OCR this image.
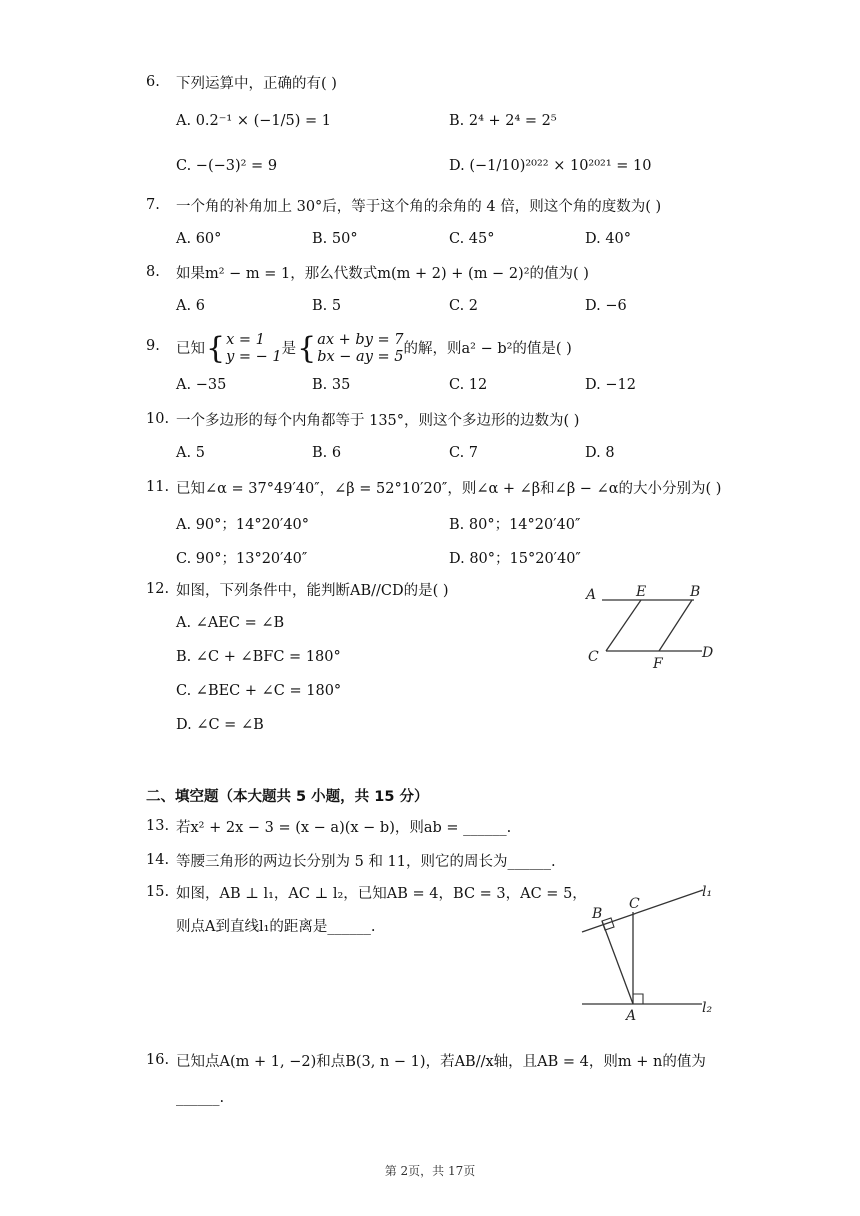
6. 下列运算中，正确的有( )
A. 0.2⁻¹ × (−1/5) = 1	B. 2⁴ + 2⁴ = 2⁵
C. −(−3)² = 9	D. (−1/10)²⁰²² × 10²⁰²¹ = 10
7. 一个角的补角加上 30°后，等于这个角的余角的 4 倍，则这个角的度数为( )
A. 60°	B. 50°	C. 45°	D. 40°
8. 如果m² − m = 1，那么代数式m(m + 2) + (m − 2)²的值为( )
A. 6	B. 5	C. 2	D. −6
9. 已知 { x = 1
y = − 1 是 { ax + by = 7
bx − ay = 5 的解，则a² − b²的值是( )
A. −35	B. 35	C. 12	D. −12
10. 一个多边形的每个内角都等于 135°，则这个多边形的边数为( )
A. 5	B. 6	C. 7	D. 8
11. 已知∠α = 37°49′40″，∠β = 52°10′20″，则∠α + ∠β和∠β − ∠α的大小分别为( )
A. 90°；14°20′40°	B. 80°；14°20′40″
C. 90°；13°20′40″	D. 80°；15°20′40″
12. 如图，下列条件中，能判断AB//CD的是( )
A. ∠AEC = ∠B
B. ∠C + ∠BFC = 180°
C. ∠BEC + ∠C = 180°
D. ∠C = ∠B
A	E	B
C	F
D
二、填空题（本大题共 5 小题，共 15 分）
13. 若x² + 2x − 3 = (x − a)(x − b)，则ab = ______.
14. 等腰三角形的两边长分别为 5 和 11，则它的周长为______.
15. 如图，AB ⊥ l₁，AC ⊥ l₂，已知AB = 4，BC = 3，AC = 5，
则点A到直线l₁的距离是______.
B
C
A
l₁
l₂
16. 已知点A(m + 1, −2)和点B(3, n − 1)，若AB//x轴，且AB = 4，则m + n的值为
______.
第 2页，共 17页
